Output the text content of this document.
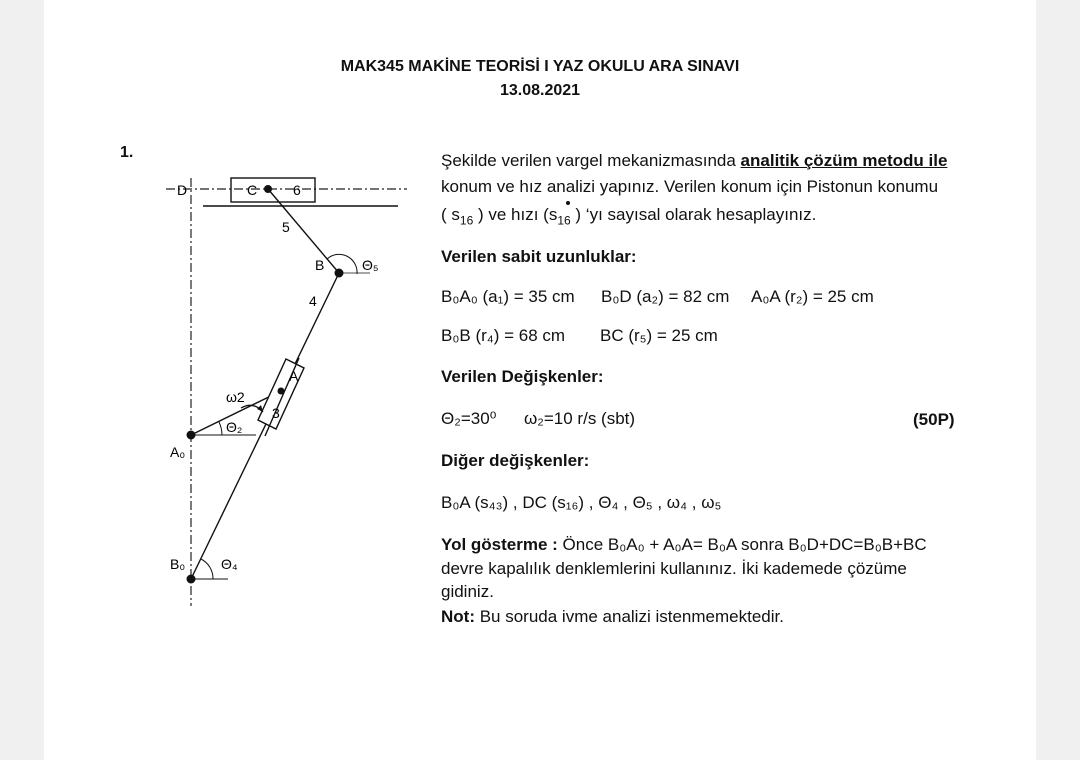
MAK345 MAKİNE TEORİSİ I YAZ OKULU ARA SINAVI
13.08.2021
1.
D	C	6
5
B	Θ₅
4
A
3
ω2
Θ₂
A₀
B₀	Θ₄
Şekilde verilen vargel mekanizmasında analitik çözüm metodu ile
konum ve hız analizi yapınız. Verilen konum için Pistonun konumu
( $s_{16}$ ) ve hızı ($s_{16}$ ) ‘yı sayısal olarak hesaplayınız.
Verilen sabit uzunluklar:
B₀A₀ (a₁) = 35 cm B₀D (a₂) = 82 cm A₀A (r₂) = 25 cm
B₀B (r₄) = 68 cm BC (r₅) = 25 cm
Verilen Değişkenler:
Θ₂=30⁰ ω₂=10 r/s (sbt)	(50P)
Diğer değişkenler:
B₀A (s₄₃) , DC (s₁₆) , Θ₄ , Θ₅ , ω₄ , ω₅
Yol gösterme : Önce B₀A₀ + A₀A= B₀A sonra B₀D+DC=B₀B+BC
devre kapalılık denklemlerini kullanınız. İki kademede çözüme
gidiniz.
Not: Bu soruda ivme analizi istenmemektedir.
